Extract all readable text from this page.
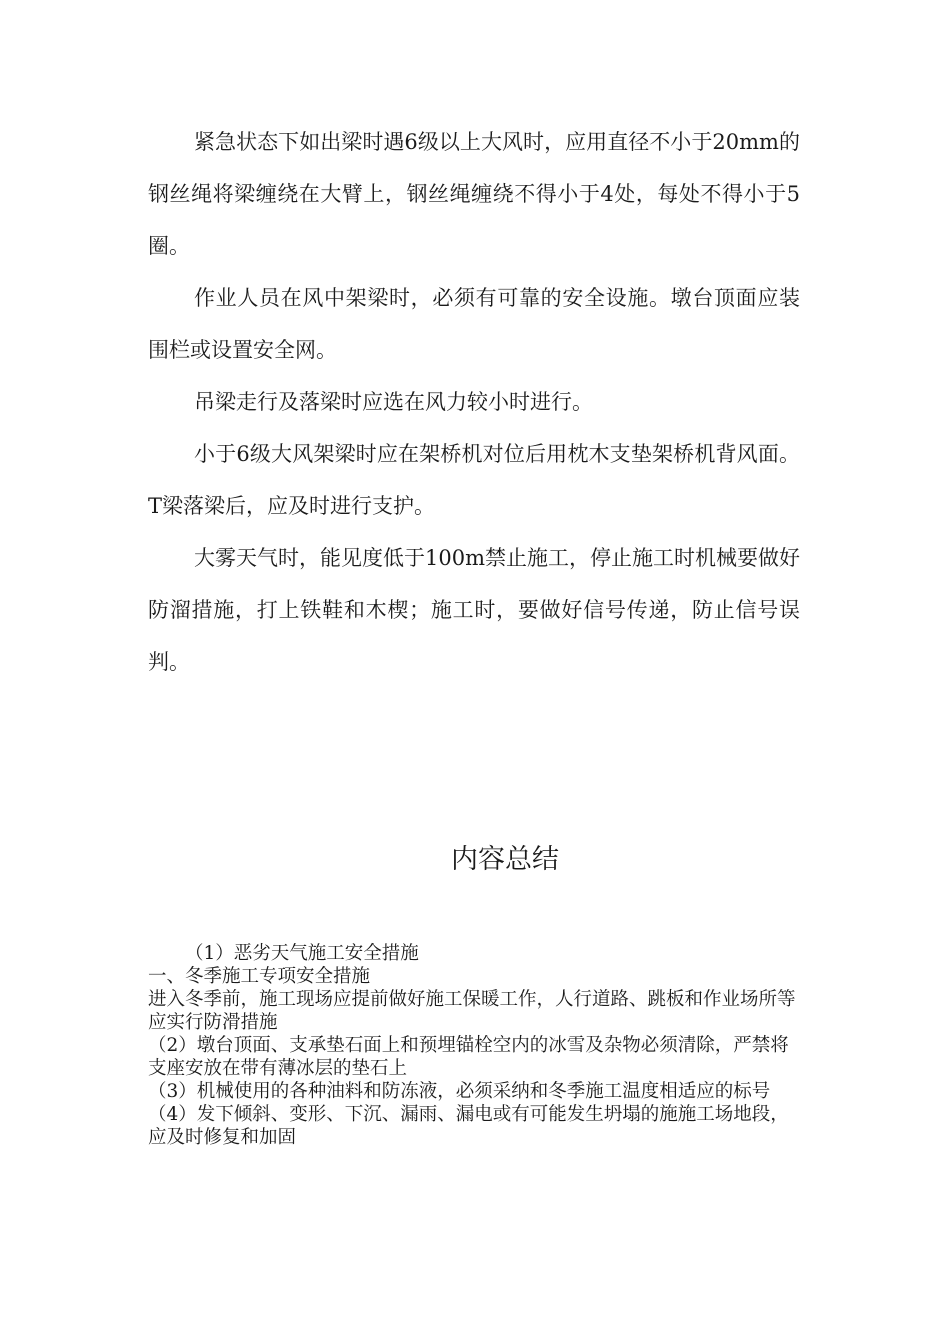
紧急状态下如出梁时遇6级以上大风时，应用直径不小于20mm的钢丝绳将梁缠绕在大臂上，钢丝绳缠绕不得小于4处，每处不得小于5圈。

作业人员在风中架梁时，必须有可靠的安全设施。墩台顶面应装围栏或设置安全网。

吊梁走行及落梁时应选在风力较小时进行。

小于6级大风架梁时应在架桥机对位后用枕木支垫架桥机背风面。T梁落梁后，应及时进行支护。

大雾天气时，能见度低于100m禁止施工，停止施工时机械要做好防溜措施，打上铁鞋和木楔；施工时，要做好信号传递，防止信号误判。

内容总结

（1）恶劣天气施工安全措施

一、冬季施工专项安全措施

进入冬季前，施工现场应提前做好施工保暖工作，人行道路、跳板和作业场所等应实行防滑措施

（2）墩台顶面、支承垫石面上和预埋锚栓空内的冰雪及杂物必须清除，严禁将支座安放在带有薄冰层的垫石上

（3）机械使用的各种油料和防冻液，必须采纳和冬季施工温度相适应的标号

（4）发下倾斜、变形、下沉、漏雨、漏电或有可能发生坍塌的施施工场地段，应及时修复和加固
